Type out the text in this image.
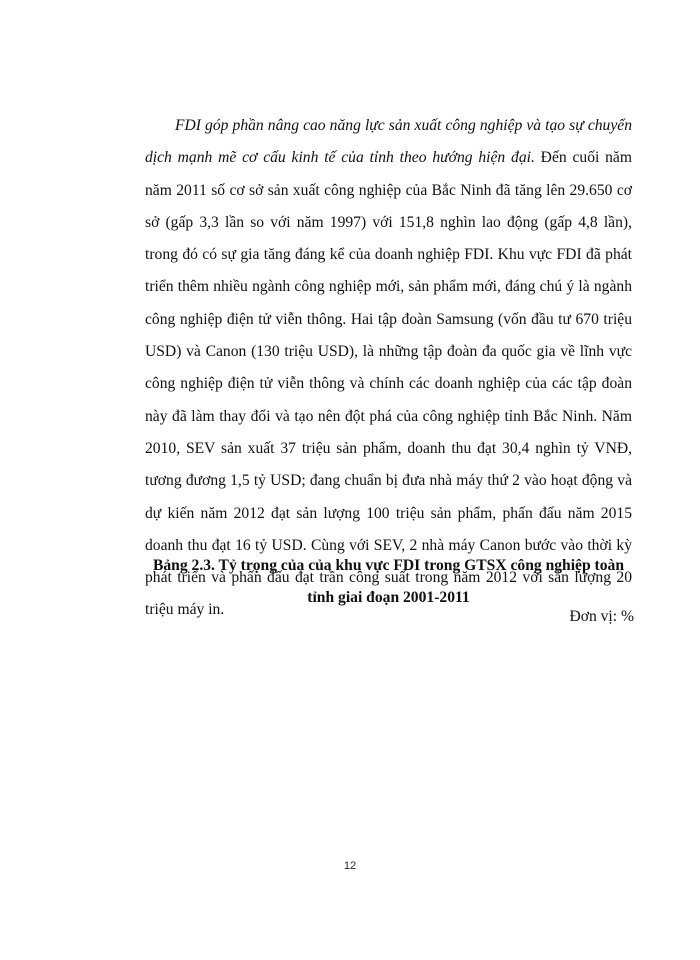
FDI góp phần nâng cao năng lực sản xuất công nghiệp và tạo sự chuyển dịch mạnh mẽ cơ cấu kinh tế của tỉnh theo hướng hiện đại. Đến cuối năm năm 2011 số cơ sở sản xuất công nghiệp của Bắc Ninh đã tăng lên 29.650 cơ sở (gấp 3,3 lần so với năm 1997) với 151,8 nghìn lao động (gấp 4,8 lần), trong đó có sự gia tăng đáng kể của doanh nghiệp FDI. Khu vực FDI đã phát triển thêm nhiều ngành công nghiệp mới, sản phẩm mới, đáng chú ý là ngành công nghiệp điện tử viễn thông. Hai tập đoàn Samsung (vốn đầu tư 670 triệu USD) và Canon (130 triệu USD), là những tập đoàn đa quốc gia về lĩnh vực công nghiệp điện tử viễn thông và chính các doanh nghiệp của các tập đoàn này đã làm thay đổi và tạo nên đột phá của công nghiệp tỉnh Bắc Ninh. Năm 2010, SEV sản xuất 37 triệu sản phẩm, doanh thu đạt 30,4 nghìn tỷ VNĐ, tương đương 1,5 tỷ USD; đang chuẩn bị đưa nhà máy thứ 2 vào hoạt động và dự kiến năm 2012 đạt sản lượng 100 triệu sản phẩm, phấn đấu năm 2015 doanh thu đạt 16 tỷ USD. Cùng với SEV, 2 nhà máy Canon bước vào thời kỳ phát triển và phấn đấu đạt trần công suất trong năm 2012 với sản lượng 20 triệu máy in.

Bảng 2.3. Tỷ trọng của của khu vực FDI trong GTSX công nghiệp toàn tỉnh giai đoạn 2001-2011

Đơn vị: %

12
